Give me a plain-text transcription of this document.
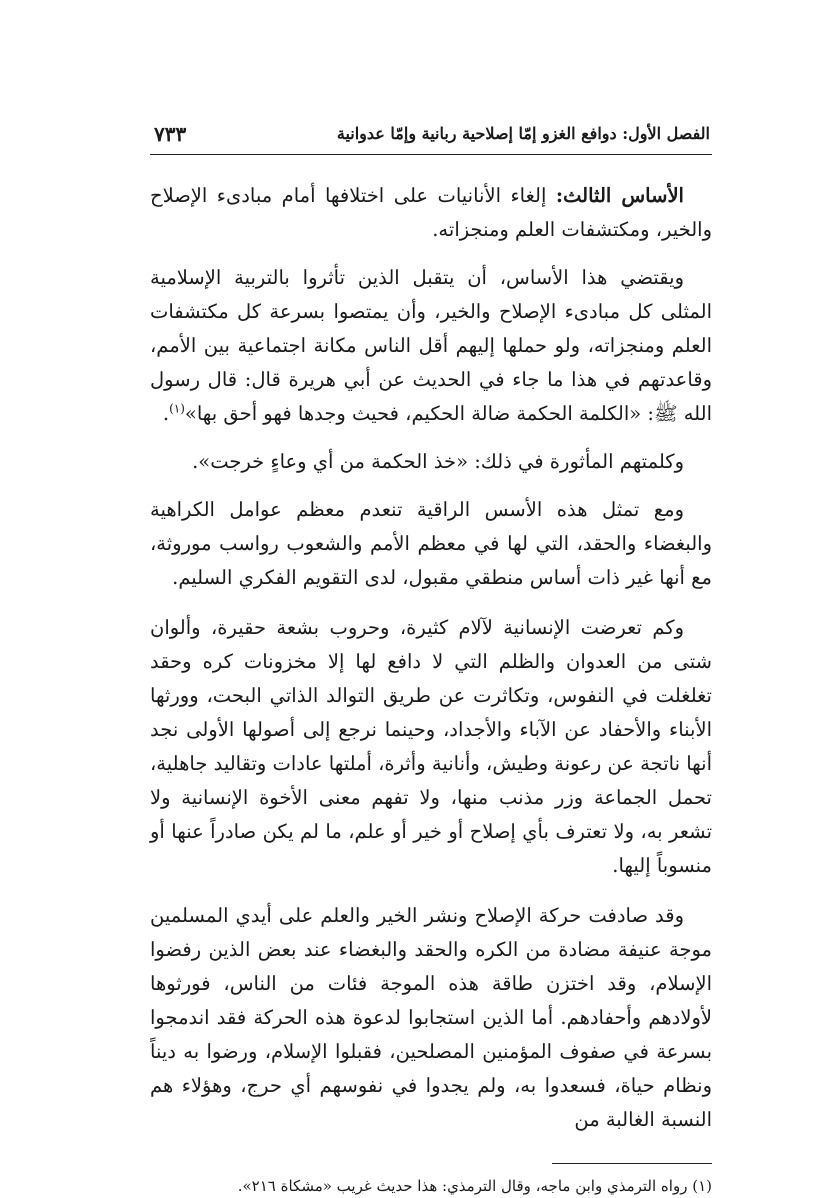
الفصل الأول: دوافع الغزو إمّا إصلاحية ربانية وإمّا عدوانية
٧٣٣

الأساس الثالث: إلغاء الأنانيات على اختلافها أمام مبادىء الإصلاح والخير، ومكتشفات العلم ومنجزاته.

ويقتضي هذا الأساس، أن يتقبل الذين تأثروا بالتربية الإسلامية المثلى كل مبادىء الإصلاح والخير، وأن يمتصوا بسرعة كل مكتشفات العلم ومنجزاته، ولو حملها إليهم أقل الناس مكانة اجتماعية بين الأمم، وقاعدتهم في هذا ما جاء في الحديث عن أبي هريرة قال: قال رسول الله ﷺ: «الكلمة الحكمة ضالة الحكيم، فحيث وجدها فهو أحق بها»$^{(١)}$.

وكلمتهم المأثورة في ذلك: «خذ الحكمة من أي وعاءٍ خرجت».

ومع تمثل هذه الأسس الراقية تنعدم معظم عوامل الكراهية والبغضاء والحقد، التي لها في معظم الأمم والشعوب رواسب موروثة، مع أنها غير ذات أساس منطقي مقبول، لدى التقويم الفكري السليم.

وكم تعرضت الإنسانية لآلام كثيرة، وحروب بشعة حقيرة، وألوان شتى من العدوان والظلم التي لا دافع لها إلا مخزونات كره وحقد تغلغلت في النفوس، وتكاثرت عن طريق التوالد الذاتي البحت، وورثها الأبناء والأحفاد عن الآباء والأجداد، وحينما نرجع إلى أصولها الأولى نجد أنها ناتجة عن رعونة وطيش، وأنانية وأثرة، أملتها عادات وتقاليد جاهلية، تحمل الجماعة وزر مذنب منها، ولا تفهم معنى الأخوة الإنسانية ولا تشعر به، ولا تعترف بأي إصلاح أو خير أو علم، ما لم يكن صادراً عنها أو منسوباً إليها.

وقد صادفت حركة الإصلاح ونشر الخير والعلم على أيدي المسلمين موجة عنيفة مضادة من الكره والحقد والبغضاء عند بعض الذين رفضوا الإسلام، وقد اختزن طاقة هذه الموجة فئات من الناس، فورثوها لأولادهم وأحفادهم. أما الذين استجابوا لدعوة هذه الحركة فقد اندمجوا بسرعة في صفوف المؤمنين المصلحين، فقبلوا الإسلام، ورضوا به ديناً ونظام حياة، فسعدوا به، ولم يجدوا في نفوسهم أي حرج، وهؤلاء هم النسبة الغالبة من

(١) رواه الترمذي وابن ماجه، وقال الترمذي: هذا حديث غريب «مشكاة ٢١٦».
